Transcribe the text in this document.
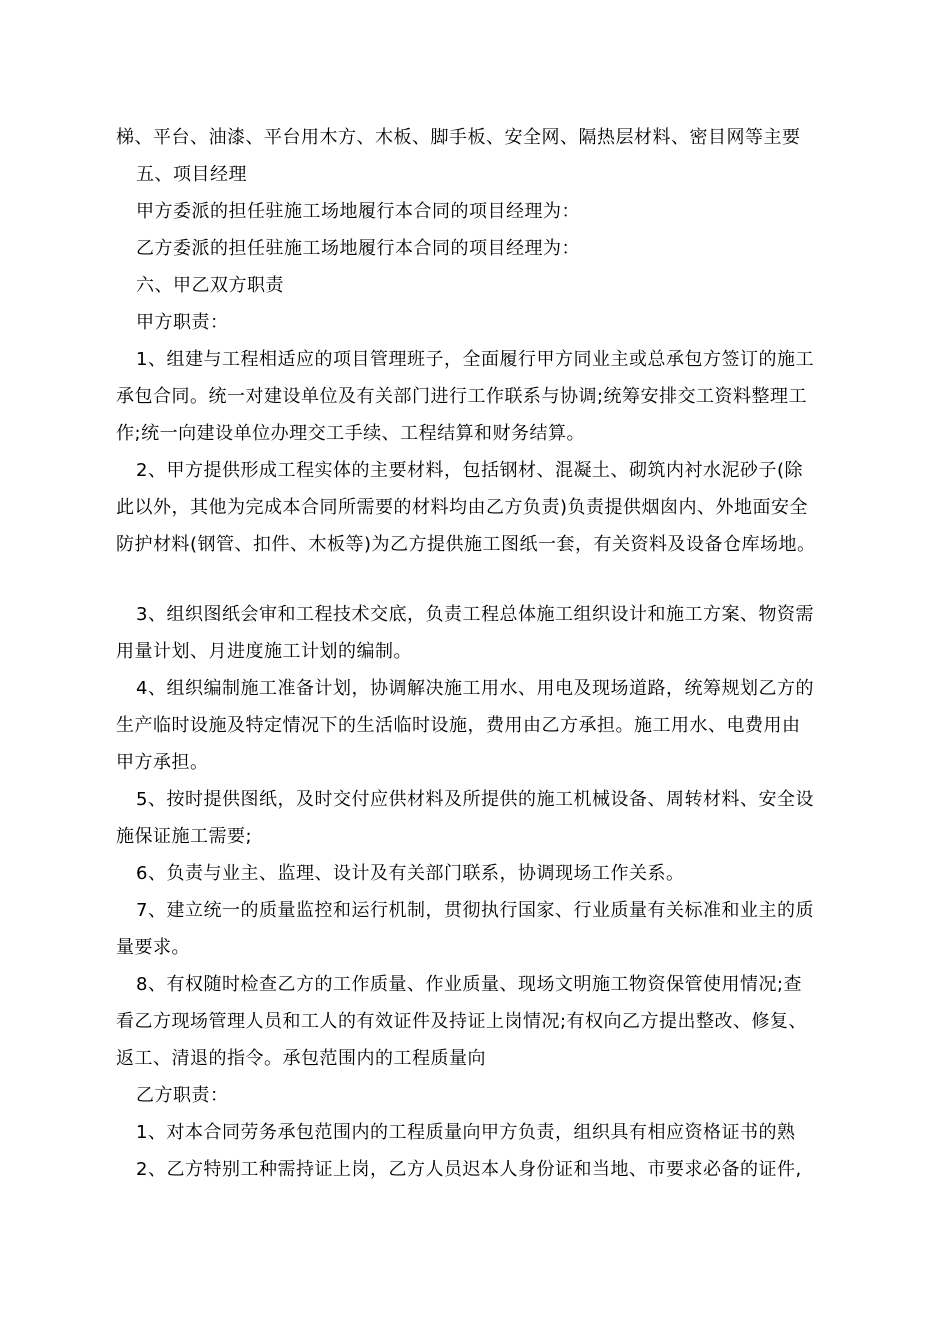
梯、平台、油漆、平台用木方、木板、脚手板、安全网、隔热层材料、密目网等主要
五、项目经理
甲方委派的担任驻施工场地履行本合同的项目经理为：
乙方委派的担任驻施工场地履行本合同的项目经理为：
六、甲乙双方职责
甲方职责：
1、组建与工程相适应的项目管理班子，全面履行甲方同业主或总承包方签订的施工
承包合同。统一对建设单位及有关部门进行工作联系与协调;统筹安排交工资料整理工
作;统一向建设单位办理交工手续、工程结算和财务结算。
2、甲方提供形成工程实体的主要材料，包括钢材、混凝土、砌筑内衬水泥砂子(除
此以外，其他为完成本合同所需要的材料均由乙方负责)负责提供烟囱内、外地面安全
防护材料(钢管、扣件、木板等)为乙方提供施工图纸一套，有关资料及设备仓库场地。
3、组织图纸会审和工程技术交底，负责工程总体施工组织设计和施工方案、物资需
用量计划、月进度施工计划的编制。
4、组织编制施工准备计划，协调解决施工用水、用电及现场道路，统筹规划乙方的
生产临时设施及特定情况下的生活临时设施，费用由乙方承担。施工用水、电费用由
甲方承担。
5、按时提供图纸，及时交付应供材料及所提供的施工机械设备、周转材料、安全设
施保证施工需要;
6、负责与业主、监理、设计及有关部门联系，协调现场工作关系。
7、建立统一的质量监控和运行机制，贯彻执行国家、行业质量有关标准和业主的质
量要求。
8、有权随时检查乙方的工作质量、作业质量、现场文明施工物资保管使用情况;查
看乙方现场管理人员和工人的有效证件及持证上岗情况;有权向乙方提出整改、修复、
返工、清退的指令。承包范围内的工程质量向
乙方职责：
1、对本合同劳务承包范围内的工程质量向甲方负责，组织具有相应资格证书的熟
2、乙方特别工种需持证上岗，乙方人员迟本人身份证和当地、市要求必备的证件,
